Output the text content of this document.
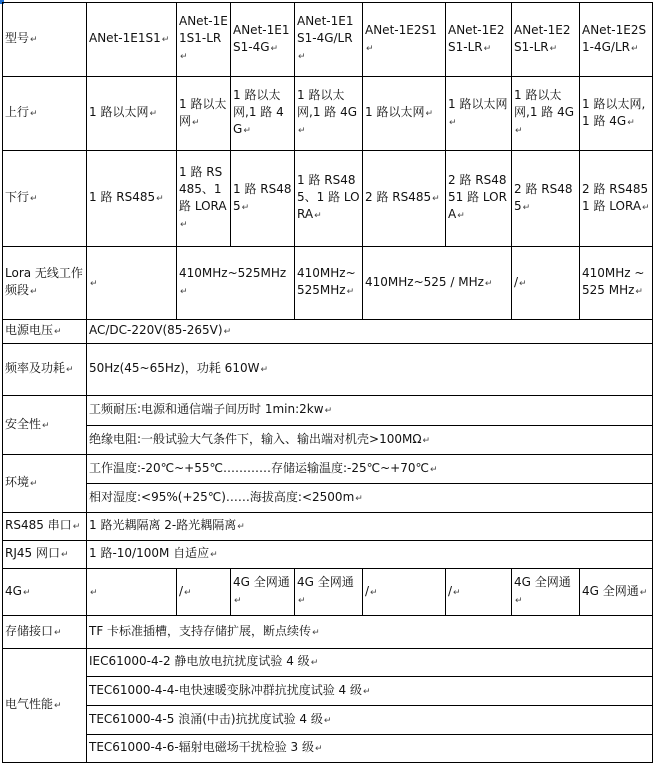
型号 ↵	ANet-1E1S1 ↵	ANet-1E1S1-LR ↵	ANet-1E1S1-4G ↵	ANet-1E1S1-4G/LR ↵	ANet-1E2S1 ↵	ANet-1E2S1-LR ↵	ANet-1E2S1-LR ↵	ANet-1E2S1-4G/LR ↵
上行 ↵	1 路以太网 ↵	1 路以太网 ↵	1 路以太网,1 路 4G ↵	1 路以太网,1 路 4G ↵	1 路以太网 ↵	1 路以太网 ↵	1 路以太网,1 路 4G ↵	1 路以太网,1 路 4G ↵
下行 ↵	1 路 RS485 ↵	1 路 RS485、1 路 LORA ↵	1 路 RS485 ↵	1 路 RS485、1 路 LORA ↵	2 路 RS485 ↵	2 路 RS4851 路 LORA ↵	2 路 RS485 ↵	2 路 RS4851 路 LORA ↵
Lora 无线工作频段 ↵	↵	410MHz~525MHz ↵		410MHz~525MHz ↵	410MHz~525 / MHz ↵		/ ↵	410MHz ~525 MHz ↵
电源电压 ↵	AC/DC-220V(85-265V) ↵
频率及功耗 ↵	50Hz(45~65Hz)，功耗 610W ↵
安全性 ↵	工频耐压:电源和通信端子间历时 1min:2kw ↵
	绝缘电阻:一般试验大气条件下，输入、输出端对机壳>100MΩ ↵
环境 ↵	工作温度:-20℃~+55℃…………存储运输温度:-25℃~+70℃ ↵
	相对湿度:<95%(+25℃)……海拔高度:<2500m ↵
RS485 串口 ↵	1 路光耦隔离 2-路光耦隔离 ↵
RJ45 网口 ↵	1 路-10/100M 自适应 ↵
4G ↵	↵	/ ↵	4G 全网通 ↵	4G 全网通 ↵	/ ↵	/ ↵	4G 全网通 ↵	4G 全网通 ↵
存储接口 ↵	TF 卡标准插槽，支持存储扩展，断点续传 ↵
电气性能 ↵	IEC61000-4-2 静电放电抗扰度试验 4 级 ↵
	TEC61000-4-4-电快速暖变脉冲群抗扰度试验 4 级 ↵
	TEC61000-4-5 浪涌(中击)抗扰度试验 4 级 ↵
	TEC61000-4-6-辐射电磁场干扰检验 3 级 ↵
